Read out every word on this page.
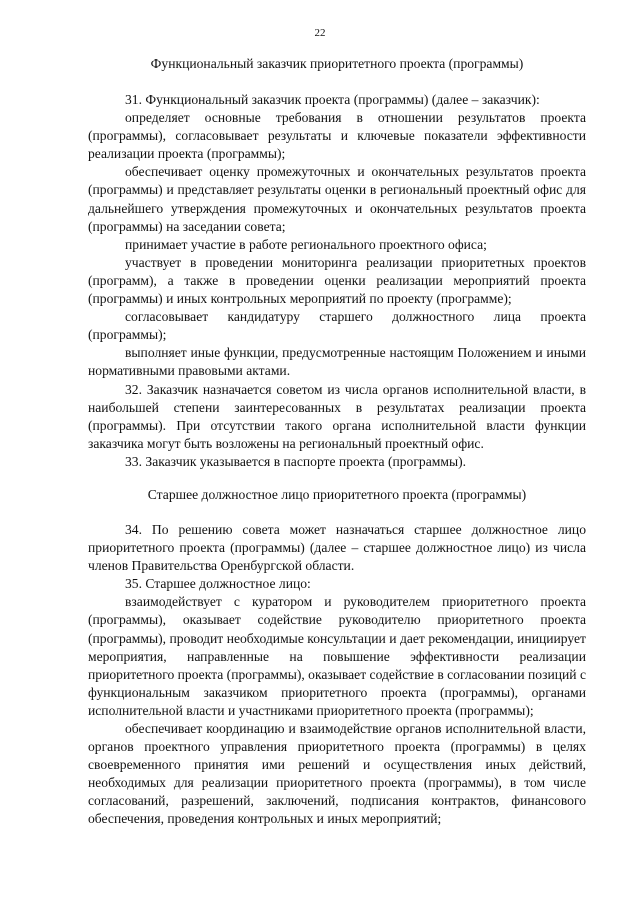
22
Функциональный заказчик приоритетного проекта (программы)

31. Функциональный заказчик проекта (программы) (далее – заказчик):

определяет основные требования в отношении результатов проекта (программы), согласовывает результаты и ключевые показатели эффективности реализации проекта (программы);

обеспечивает оценку промежуточных и окончательных результатов проекта (программы) и представляет результаты оценки в региональный проектный офис для дальнейшего утверждения промежуточных и окончательных результатов проекта (программы) на заседании совета;

принимает участие в работе регионального проектного офиса;

участвует в проведении мониторинга реализации приоритетных проектов (программ), а также в проведении оценки реализации мероприятий проекта (программы) и иных контрольных мероприятий по проекту (программе);

согласовывает кандидатуру старшего должностного лица проекта (программы);

выполняет иные функции, предусмотренные настоящим Положением и иными нормативными правовыми актами.

32. Заказчик назначается советом из числа органов исполнительной власти, в наибольшей степени заинтересованных в результатах реализации проекта (программы). При отсутствии такого органа исполнительной власти функции заказчика могут быть возложены на региональный проектный офис.

33. Заказчик указывается в паспорте проекта (программы).

Старшее должностное лицо приоритетного проекта (программы)

34. По решению совета может назначаться старшее должностное лицо приоритетного проекта (программы) (далее – старшее должностное лицо) из числа членов Правительства Оренбургской области.

35. Старшее должностное лицо:

взаимодействует с куратором и руководителем приоритетного проекта (программы), оказывает содействие руководителю приоритетного проекта (программы), проводит необходимые консультации и дает рекомендации, инициирует мероприятия, направленные на повышение эффективности реализации приоритетного проекта (программы), оказывает содействие в согласовании позиций с функциональным заказчиком приоритетного проекта (программы), органами исполнительной власти и участниками приоритетного проекта (программы);

обеспечивает координацию и взаимодействие органов исполнительной власти, органов проектного управления приоритетного проекта (программы) в целях своевременного принятия ими решений и осуществления иных действий, необходимых для реализации приоритетного проекта (программы), в том числе согласований, разрешений, заключений, подписания контрактов, финансового обеспечения, проведения контрольных и иных мероприятий;
